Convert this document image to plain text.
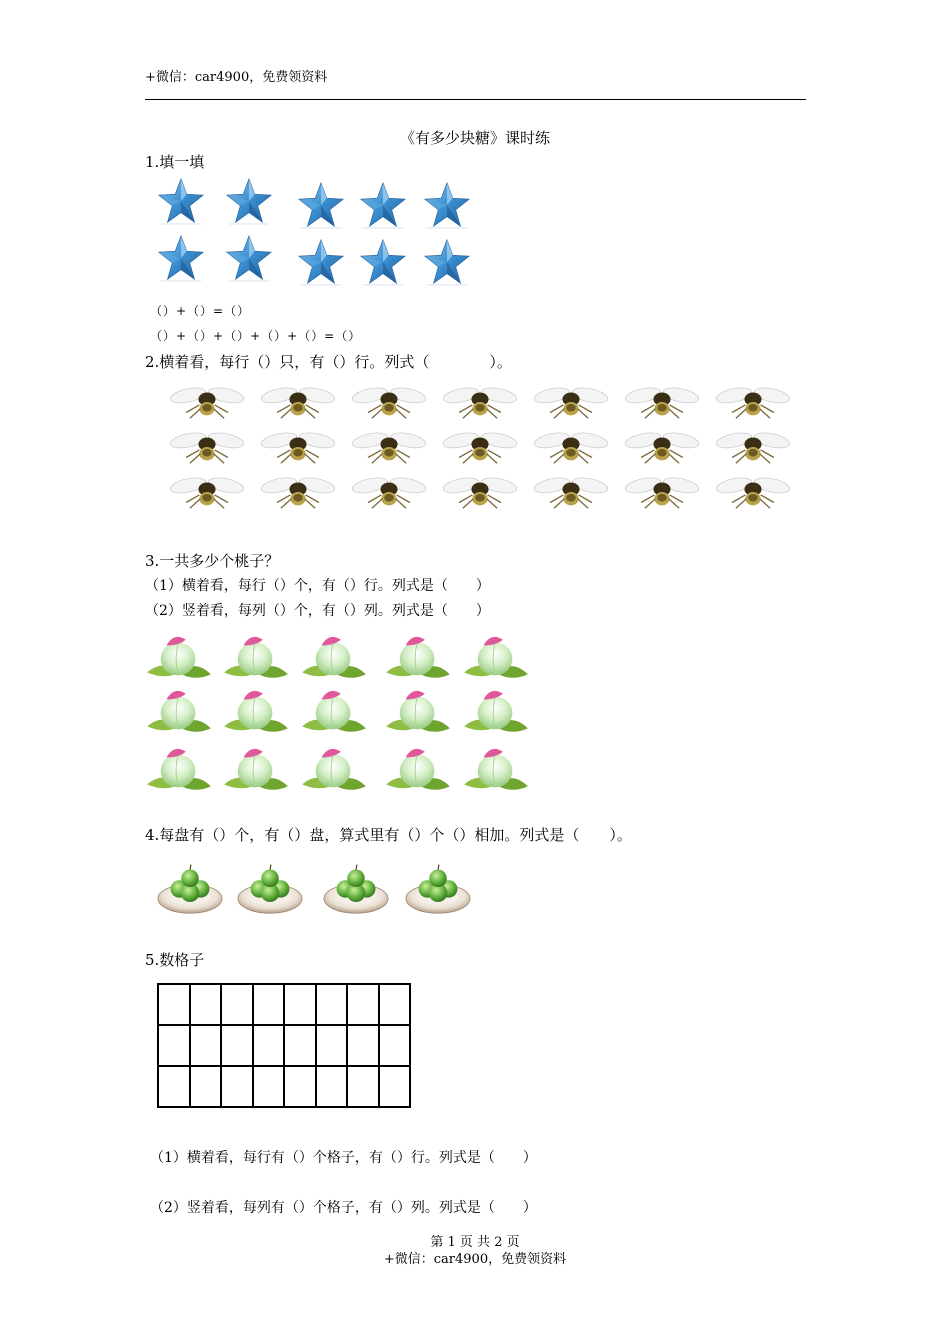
+微信：car4900，免费领资料
《有多少块糖》课时练
1.填一填
（）+（）=（）
（）+（）+（）+（）+（）=（）
2.横着看，每行（）只，有（）行。列式（　　　　）。
3.一共多少个桃子？
（1）横着看，每行（）个，有（）行。列式是（　　）
（2）竖着看，每列（）个，有（）列。列式是（　　）
4.每盘有（）个，有（）盘，算式里有（）个（）相加。列式是（　　）。
5.数格子

（1）横着看，每行有（）个格子，有（）行。列式是（　　）
（2）竖着看，每列有（）个格子，有（）列。列式是（　　）
第 1 页 共 2 页
+微信：car4900，免费领资料
